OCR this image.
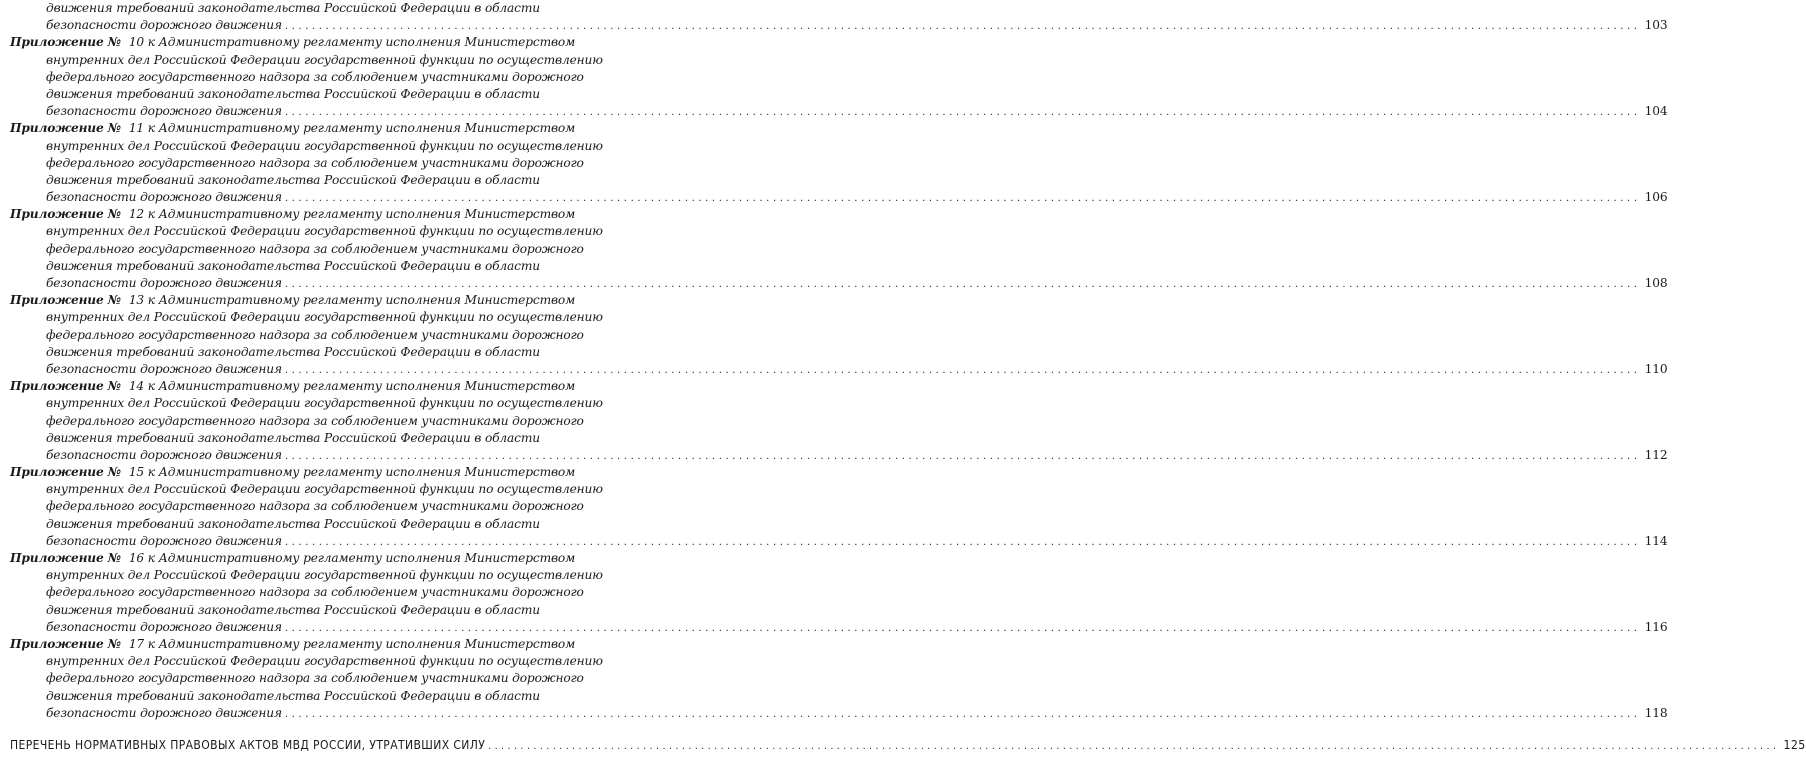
движения требований законодательства Российской Федерации в области
безопасности дорожного движения ........................................................................................................................................................................................................ 103
Приложение № 10 к Административному регламенту исполнения Министерством
внутренних дел Российской Федерации государственной функции по осуществлению
федерального государственного надзора за соблюдением участниками дорожного
движения требований законодательства Российской Федерации в области
безопасности дорожного движения ........................................................................................................................................................................................................ 104
Приложение № 11 к Административному регламенту исполнения Министерством
внутренних дел Российской Федерации государственной функции по осуществлению
федерального государственного надзора за соблюдением участниками дорожного
движения требований законодательства Российской Федерации в области
безопасности дорожного движения ........................................................................................................................................................................................................ 106
Приложение № 12 к Административному регламенту исполнения Министерством
внутренних дел Российской Федерации государственной функции по осуществлению
федерального государственного надзора за соблюдением участниками дорожного
движения требований законодательства Российской Федерации в области
безопасности дорожного движения ........................................................................................................................................................................................................ 108
Приложение № 13 к Административному регламенту исполнения Министерством
внутренних дел Российской Федерации государственной функции по осуществлению
федерального государственного надзора за соблюдением участниками дорожного
движения требований законодательства Российской Федерации в области
безопасности дорожного движения ........................................................................................................................................................................................................ 110
Приложение № 14 к Административному регламенту исполнения Министерством
внутренних дел Российской Федерации государственной функции по осуществлению
федерального государственного надзора за соблюдением участниками дорожного
движения требований законодательства Российской Федерации в области
безопасности дорожного движения ........................................................................................................................................................................................................ 112
Приложение № 15 к Административному регламенту исполнения Министерством
внутренних дел Российской Федерации государственной функции по осуществлению
федерального государственного надзора за соблюдением участниками дорожного
движения требований законодательства Российской Федерации в области
безопасности дорожного движения ........................................................................................................................................................................................................ 114
Приложение № 16 к Административному регламенту исполнения Министерством
внутренних дел Российской Федерации государственной функции по осуществлению
федерального государственного надзора за соблюдением участниками дорожного
движения требований законодательства Российской Федерации в области
безопасности дорожного движения ........................................................................................................................................................................................................ 116
Приложение № 17 к Административному регламенту исполнения Министерством
внутренних дел Российской Федерации государственной функции по осуществлению
федерального государственного надзора за соблюдением участниками дорожного
движения требований законодательства Российской Федерации в области
безопасности дорожного движения ........................................................................................................................................................................................................ 118
ПЕРЕЧЕНЬ НОРМАТИВНЫХ ПРАВОВЫХ АКТОВ МВД РОССИИ, УТРАТИВШИХ СИЛУ ........................................................................................................................................................................................................ 125
